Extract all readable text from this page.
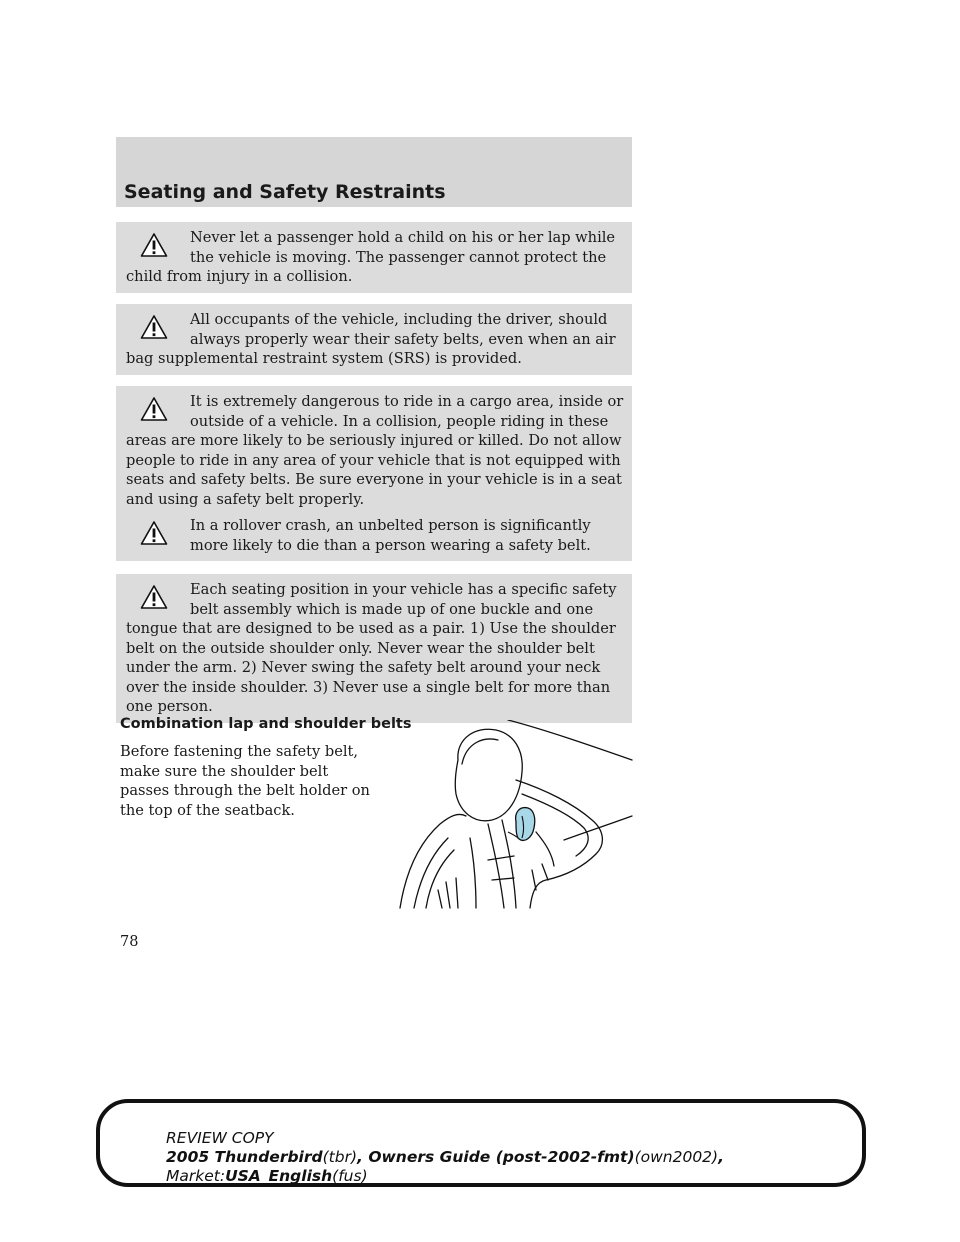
Seating and Safety Restraints

Never let a passenger hold a child on his or her lap while the vehicle is moving. The passenger cannot protect the child from injury in a collision.

All occupants of the vehicle, including the driver, should always properly wear their safety belts, even when an air bag supplemental restraint system (SRS) is provided.

It is extremely dangerous to ride in a cargo area, inside or outside of a vehicle. In a collision, people riding in these areas are more likely to be seriously injured or killed. Do not allow people to ride in any area of your vehicle that is not equipped with seats and safety belts. Be sure everyone in your vehicle is in a seat and using a safety belt properly.

In a rollover crash, an unbelted person is significantly more likely to die than a person wearing a safety belt.

Each seating position in your vehicle has a specific safety belt assembly which is made up of one buckle and one tongue that are designed to be used as a pair. 1) Use the shoulder belt on the outside shoulder only. Never wear the shoulder belt under the arm. 2) Never swing the safety belt around your neck over the inside shoulder. 3) Never use a single belt for more than one person.

Combination lap and shoulder belts

Before fastening the safety belt, make sure the shoulder belt passes through the belt holder on the top of the seatback.

78

REVIEW COPY

2005 Thunderbird(tbr), Owners Guide (post-2002-fmt)(own2002),

Market:USA_English(fus)
